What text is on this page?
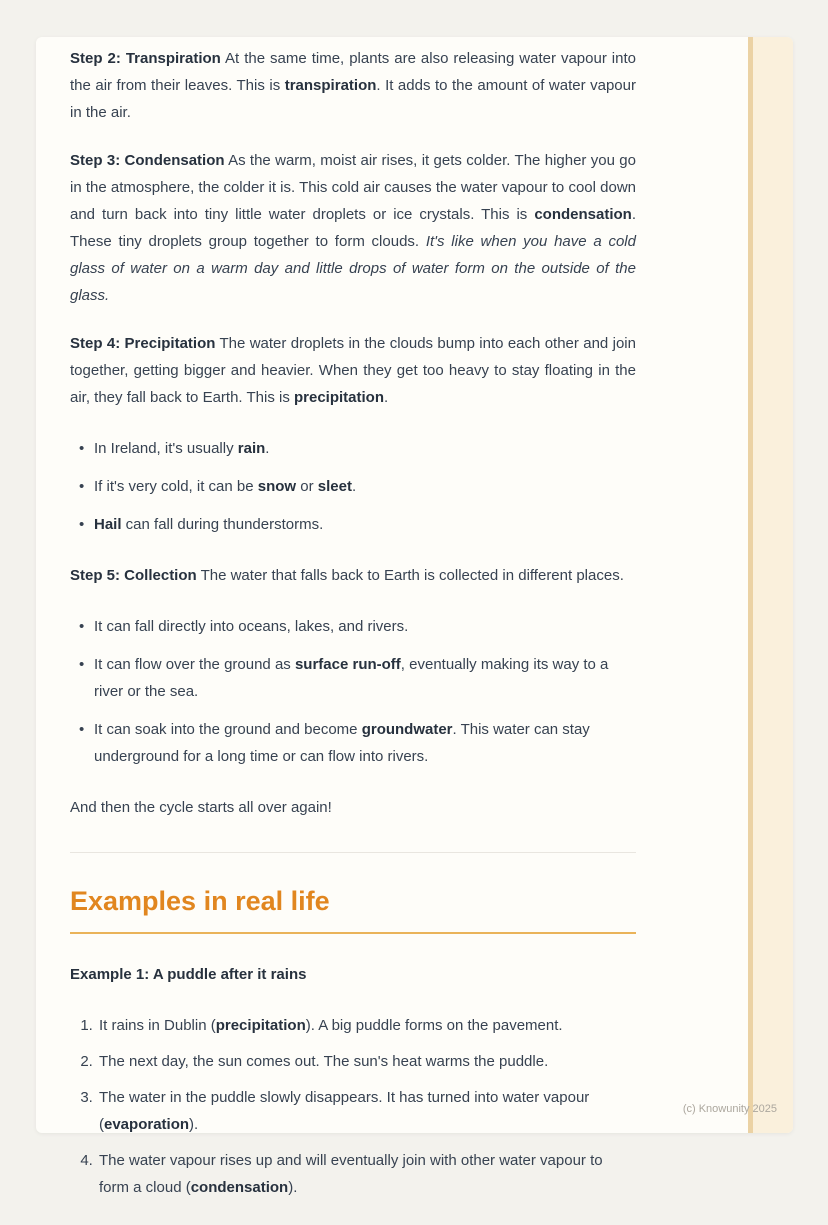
Step 2: Transpiration At the same time, plants are also releasing water vapour into the air from their leaves. This is transpiration. It adds to the amount of water vapour in the air.

Step 3: Condensation As the warm, moist air rises, it gets colder. The higher you go in the atmosphere, the colder it is. This cold air causes the water vapour to cool down and turn back into tiny little water droplets or ice crystals. This is condensation. These tiny droplets group together to form clouds. It's like when you have a cold glass of water on a warm day and little drops of water form on the outside of the glass.

Step 4: Precipitation The water droplets in the clouds bump into each other and join together, getting bigger and heavier. When they get too heavy to stay floating in the air, they fall back to Earth. This is precipitation.

• In Ireland, it's usually rain.
• If it's very cold, it can be snow or sleet.
• Hail can fall during thunderstorms.

Step 5: Collection The water that falls back to Earth is collected in different places.

• It can fall directly into oceans, lakes, and rivers.
• It can flow over the ground as surface run-off, eventually making its way to a river or the sea.
• It can soak into the ground and become groundwater. This water can stay underground for a long time or can flow into rivers.

And then the cycle starts all over again!

Examples in real life
Example 1: A puddle after it rains
1. It rains in Dublin (precipitation). A big puddle forms on the pavement.
2. The next day, the sun comes out. The sun's heat warms the puddle.
3. The water in the puddle slowly disappears. It has turned into water vapour (evaporation).
4. The water vapour rises up and will eventually join with other water vapour to form a cloud (condensation).
(c) Knowunity 2025
